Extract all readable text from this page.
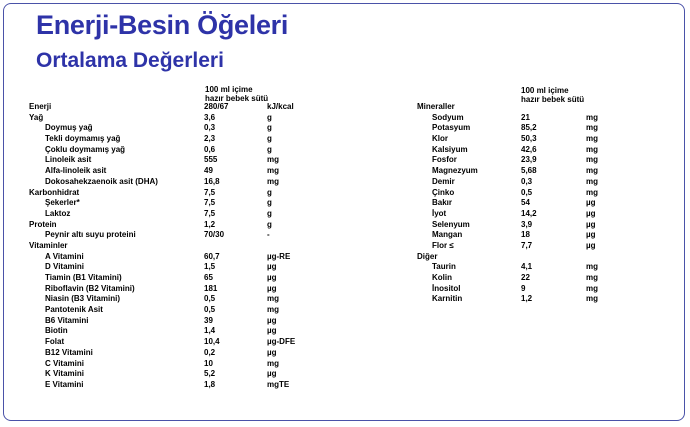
Enerji-Besin Öğeleri
Ortalama Değerleri
100 ml içime
hazır bebek sütü
100 ml içime
hazır bebek sütü
Enerji	280/67	kJ/kcal
Yağ	3,6	g
Doymuş yağ	0,3	g
Tekli doymamış yağ	2,3	g
Çoklu doymamış yağ	0,6	g
Linoleik asit	555	mg
Alfa-linoleik asit	49	mg
Dokosahekzaenoik asit (DHA)	16,8	mg
Karbonhidrat	7,5	g
Şekerler*	7,5	g
Laktoz	7,5	g
Protein	1,2	g
Peynir altı suyu proteini	70/30	-
Vitaminler
A Vitamini	60,7	µg-RE
D Vitamini	1,5	µg
Tiamin (B1 Vitamini)	65	µg
Riboflavin (B2 Vitamini)	181	µg
Niasin (B3 Vitamini)	0,5	mg
Pantotenik Asit	0,5	mg
B6 Vitamini	39	µg
Biotin	1,4	µg
Folat	10,4	µg-DFE
B12 Vitamini	0,2	µg
C Vitamini	10	mg
K Vitamini	5,2	µg
E Vitamini	1,8	mgTE
Mineraller
Sodyum	21	mg
Potasyum	85,2	mg
Klor	50,3	mg
Kalsiyum	42,6	mg
Fosfor	23,9	mg
Magnezyum	5,68	mg
Demir	0,3	mg
Çinko	0,5	mg
Bakır	54	µg
İyot	14,2	µg
Selenyum	3,9	µg
Mangan	18	µg
Flor ≤	7,7	µg
Diğer
Taurin	4,1	mg
Kolin	22	mg
İnositol	9	mg
Karnitin	1,2	mg
